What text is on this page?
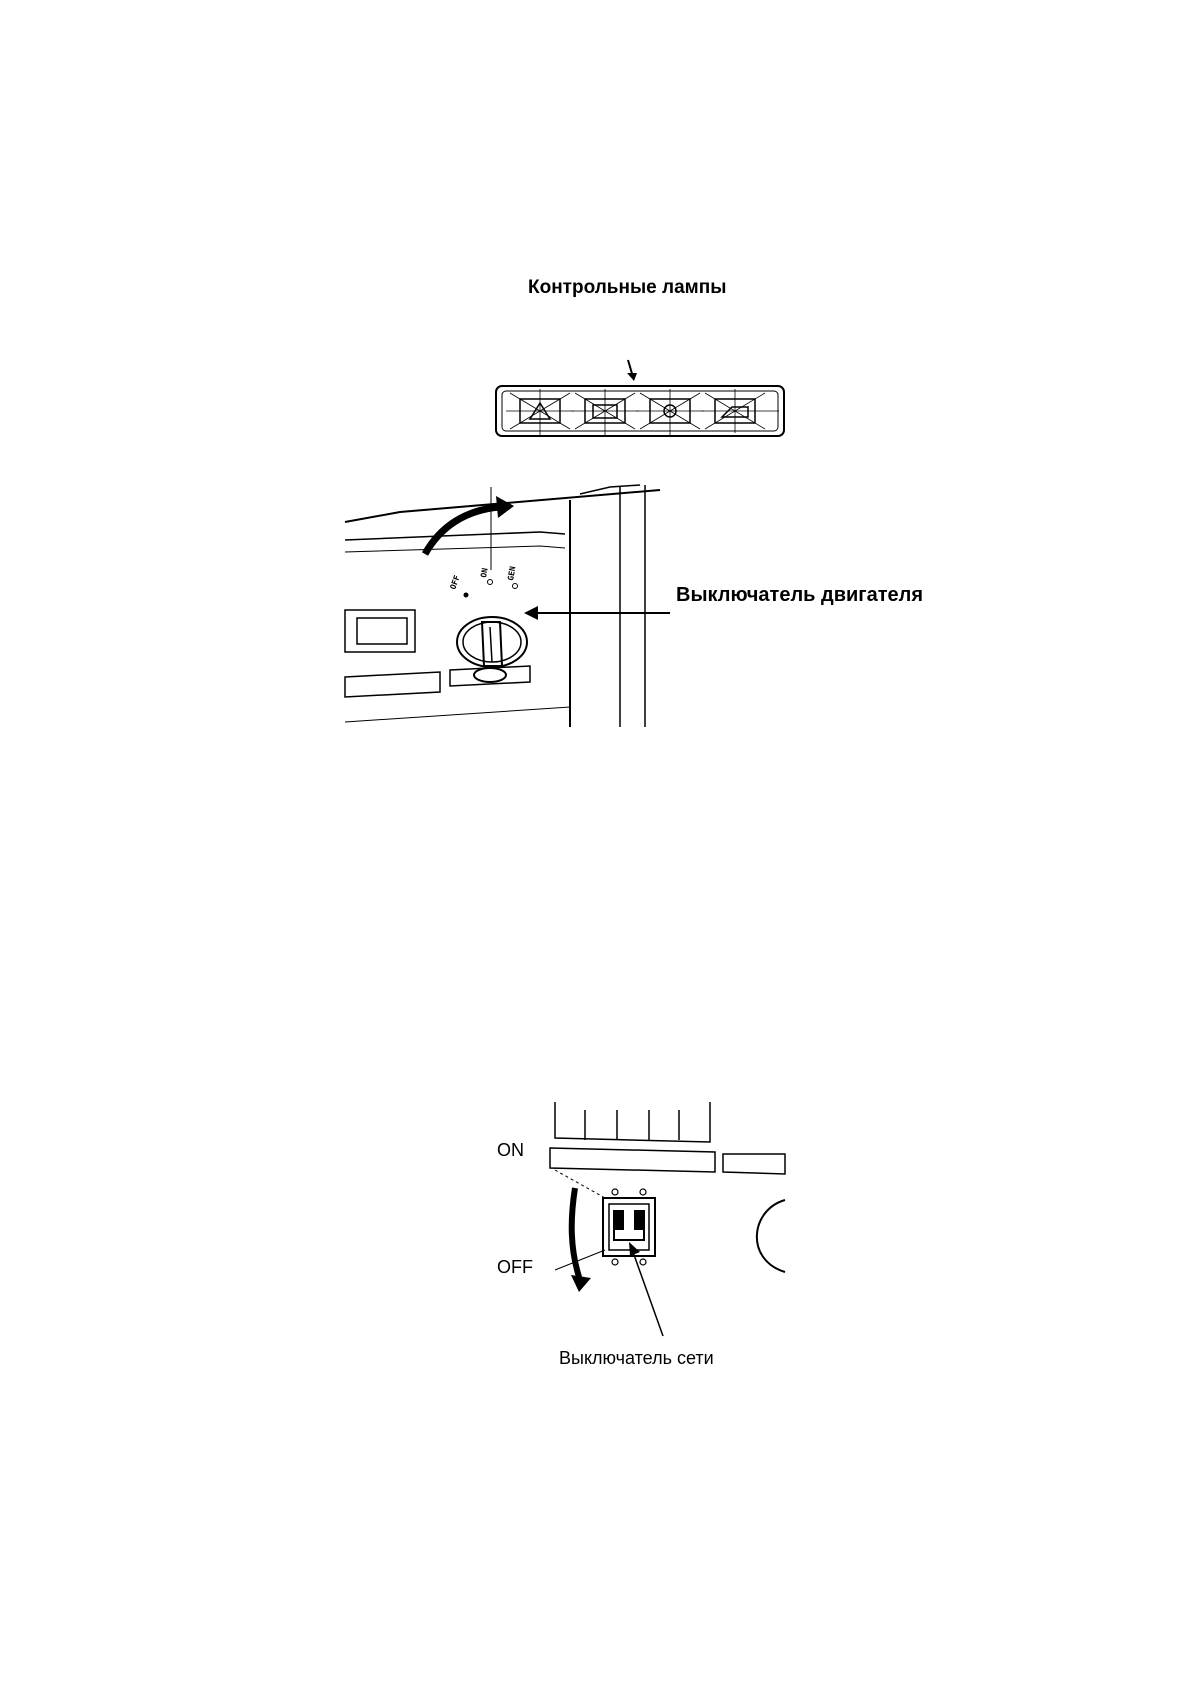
Контрольные лампы
OFF
ON GEN
Выключатель двигателя
ON
OFF
Выключатель сети
